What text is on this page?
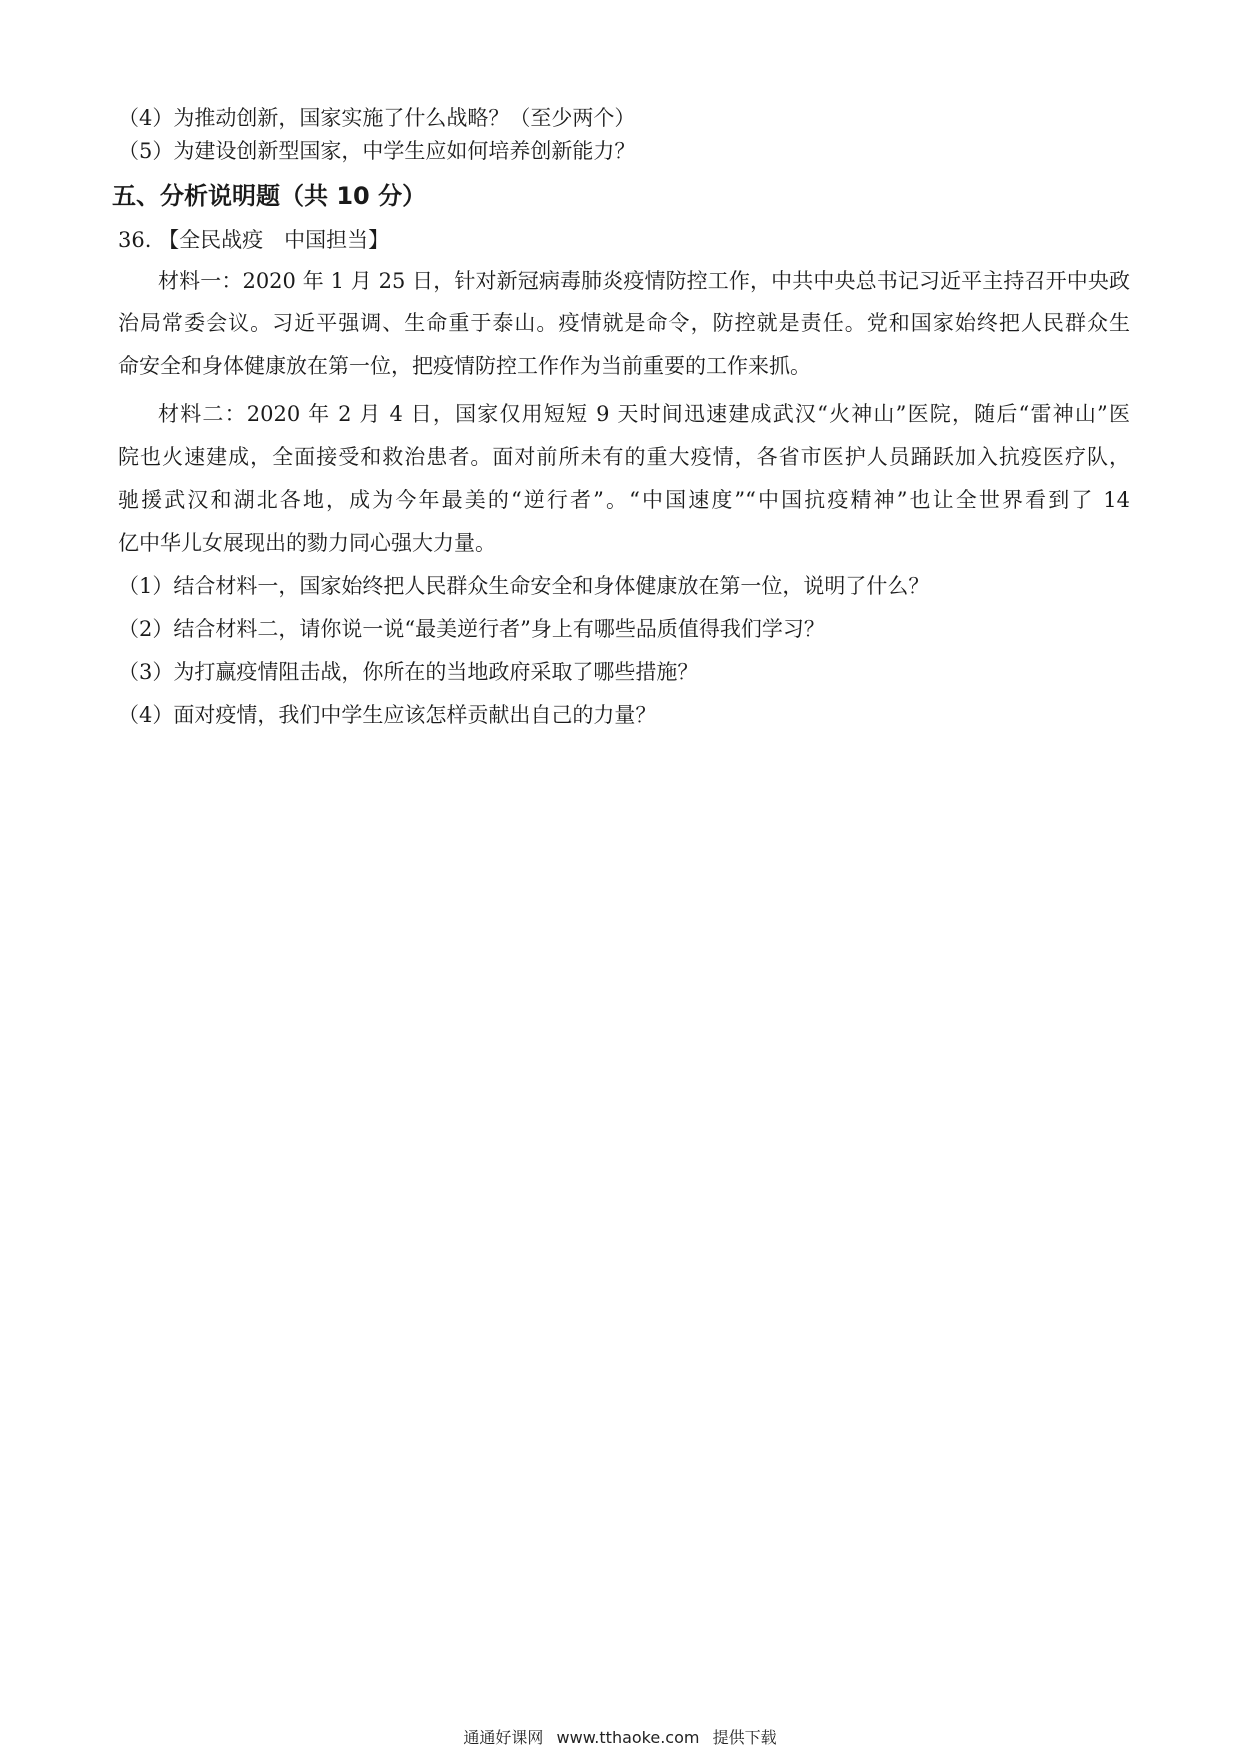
（4）为推动创新，国家实施了什么战略？（至少两个）
（5）为建设创新型国家，中学生应如何培养创新能力？
五、分析说明题（共 10 分）
36. 【全民战疫　中国担当】
材料一：2020 年 1 月 25 日，针对新冠病毒肺炎疫情防控工作，中共中央总书记习近平主持召开中央政
治局常委会议。习近平强调、生命重于泰山。疫情就是命令，防控就是责任。党和国家始终把人民群众生
命安全和身体健康放在第一位，把疫情防控工作作为当前重要的工作来抓。
材料二：2020 年 2 月 4 日，国家仅用短短 9 天时间迅速建成武汉“火神山”医院，随后“雷神山”医
院也火速建成，全面接受和救治患者。面对前所未有的重大疫情，各省市医护人员踊跃加入抗疫医疗队，
驰援武汉和湖北各地，成为今年最美的“逆行者”。“中国速度”“中国抗疫精神”也让全世界看到了 14
亿中华儿女展现出的勠力同心强大力量。
（1）结合材料一，国家始终把人民群众生命安全和身体健康放在第一位，说明了什么？
（2）结合材料二，请你说一说“最美逆行者”身上有哪些品质值得我们学习？
（3）为打赢疫情阻击战，你所在的当地政府采取了哪些措施？
（4）面对疫情，我们中学生应该怎样贡献出自己的力量？
通通好课网 www.tthaoke.com 提供下载
